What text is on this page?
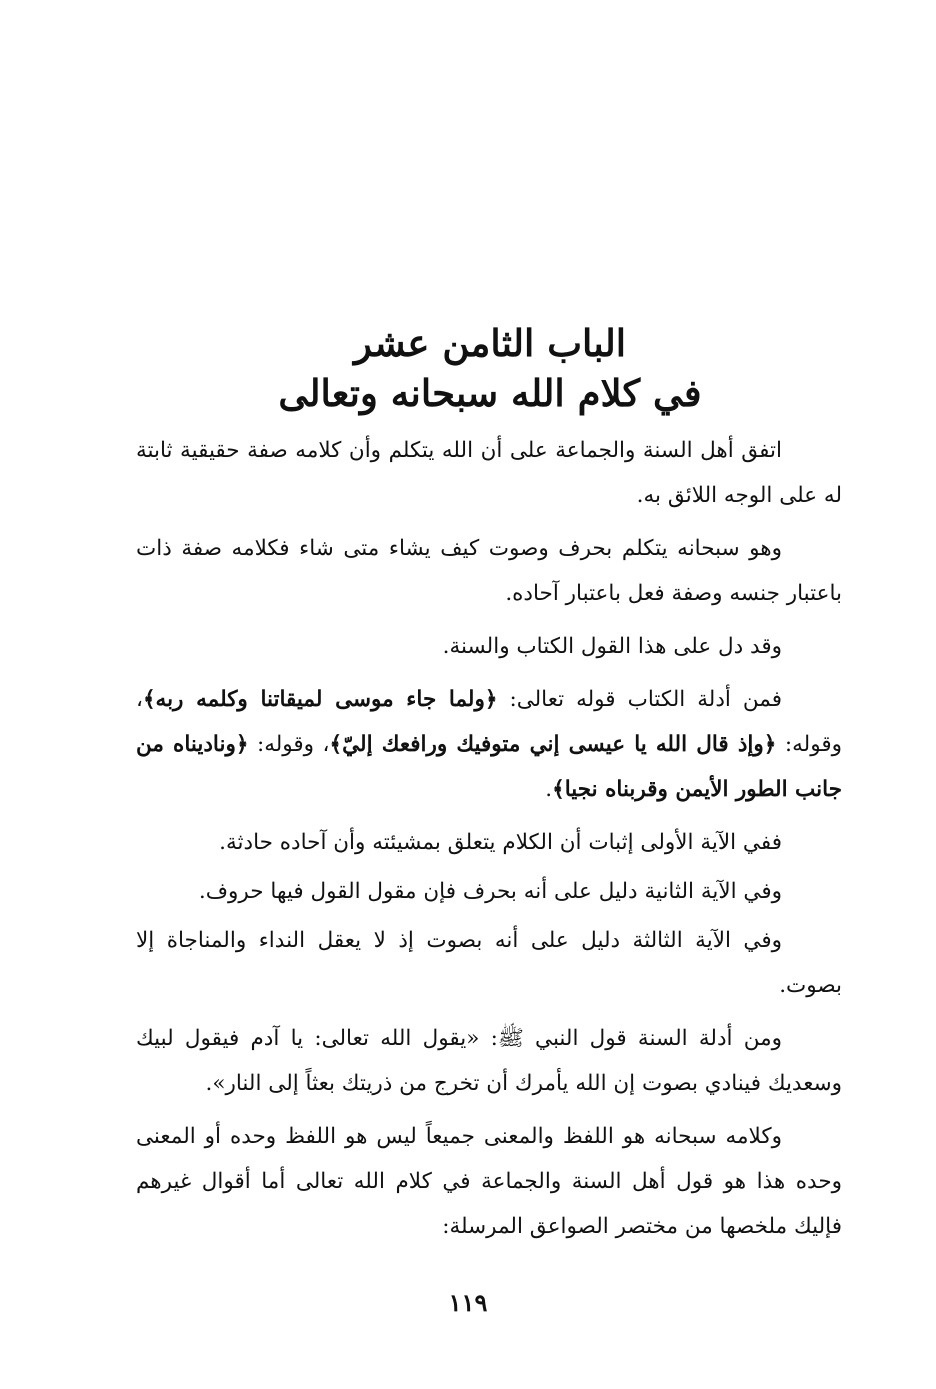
الباب الثامن عشر
في كلام الله سبحانه وتعالى

اتفق أهل السنة والجماعة على أن الله يتكلم وأن كلامه صفة حقيقية ثابتة له على الوجه اللائق به.

وهو سبحانه يتكلم بحرف وصوت كيف يشاء متى شاء فكلامه صفة ذات باعتبار جنسه وصفة فعل باعتبار آحاده.

وقد دل على هذا القول الكتاب والسنة.

فمن أدلة الكتاب قوله تعالى: ﴿ولما جاء موسى لميقاتنا وكلمه ربه﴾، وقوله: ﴿وإذ قال الله يا عيسى إني متوفيك ورافعك إليّ﴾، وقوله: ﴿وناديناه من جانب الطور الأيمن وقربناه نجيا﴾.

ففي الآية الأولى إثبات أن الكلام يتعلق بمشيئته وأن آحاده حادثة.

وفي الآية الثانية دليل على أنه بحرف فإن مقول القول فيها حروف.

وفي الآية الثالثة دليل على أنه بصوت إذ لا يعقل النداء والمناجاة إلا بصوت.

ومن أدلة السنة قول النبي ﷺ: «يقول الله تعالى: يا آدم فيقول لبيك وسعديك فينادي بصوت إن الله يأمرك أن تخرج من ذريتك بعثاً إلى النار».

وكلامه سبحانه هو اللفظ والمعنى جميعاً ليس هو اللفظ وحده أو المعنى وحده هذا هو قول أهل السنة والجماعة في كلام الله تعالى أما أقوال غيرهم فإليك ملخصها من مختصر الصواعق المرسلة:

١١٩
